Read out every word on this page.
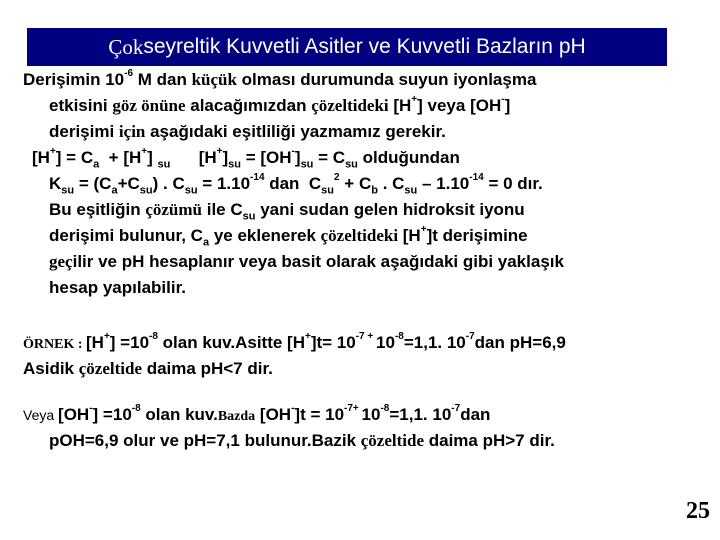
Çok seyreltik Kuvvetli Asitler ve Kuvvetli Bazların pH
Derişimin $10^{-6}$ M dan küçük olması durumunda suyun iyonlaşma
etkisini göz önüne alacağımızdan çözeltideki [H+] veya [OH-]
derişimi için aşağıdaki eşitliliği yazmamız gerekir.
$[H^+] = C_a + [H^+]$ $_{su}$      $[H^+]_{su} = [OH^-]_{su} = C_{su}$ olduğundan
$K_{su} = (C_a+C_{su})$ . $C_{su} = 1.10^{-14}$ dan  $C_{su}^2 + C_b$ . $C_{su} - 1.10^{-14} = 0$ dır.
Bu eşitliğin çözümü ile $C_{su}$ yani sudan gelen hidroksit iyonu
derişimi bulunur, $C_a$ ye eklenerek çözeltideki [H+]t derişimine
geçilir ve pH hesaplanır veya basit olarak aşağıdaki gibi yaklaşık
hesap yapılabilir.
ÖRNEK : $[H^+] =10^{-8}$ olan kuv.Asitte $[H^+]t= 10^{-7 +}$ $10^{-8}=1,1$. $10^{-7}dan$ pH=6,9
Asidik çözeltide daima pH<7 dir.
Veya $[OH^-] =10^{-8}$ olan kuv.Bazda $[OH^-]t = 10^{-7+}$ $10^{-8}=1,1$. $10^{-7}dan$
pOH=6,9 olur ve pH=7,1 bulunur.Bazik çözeltide daima pH>7 dir.
25
